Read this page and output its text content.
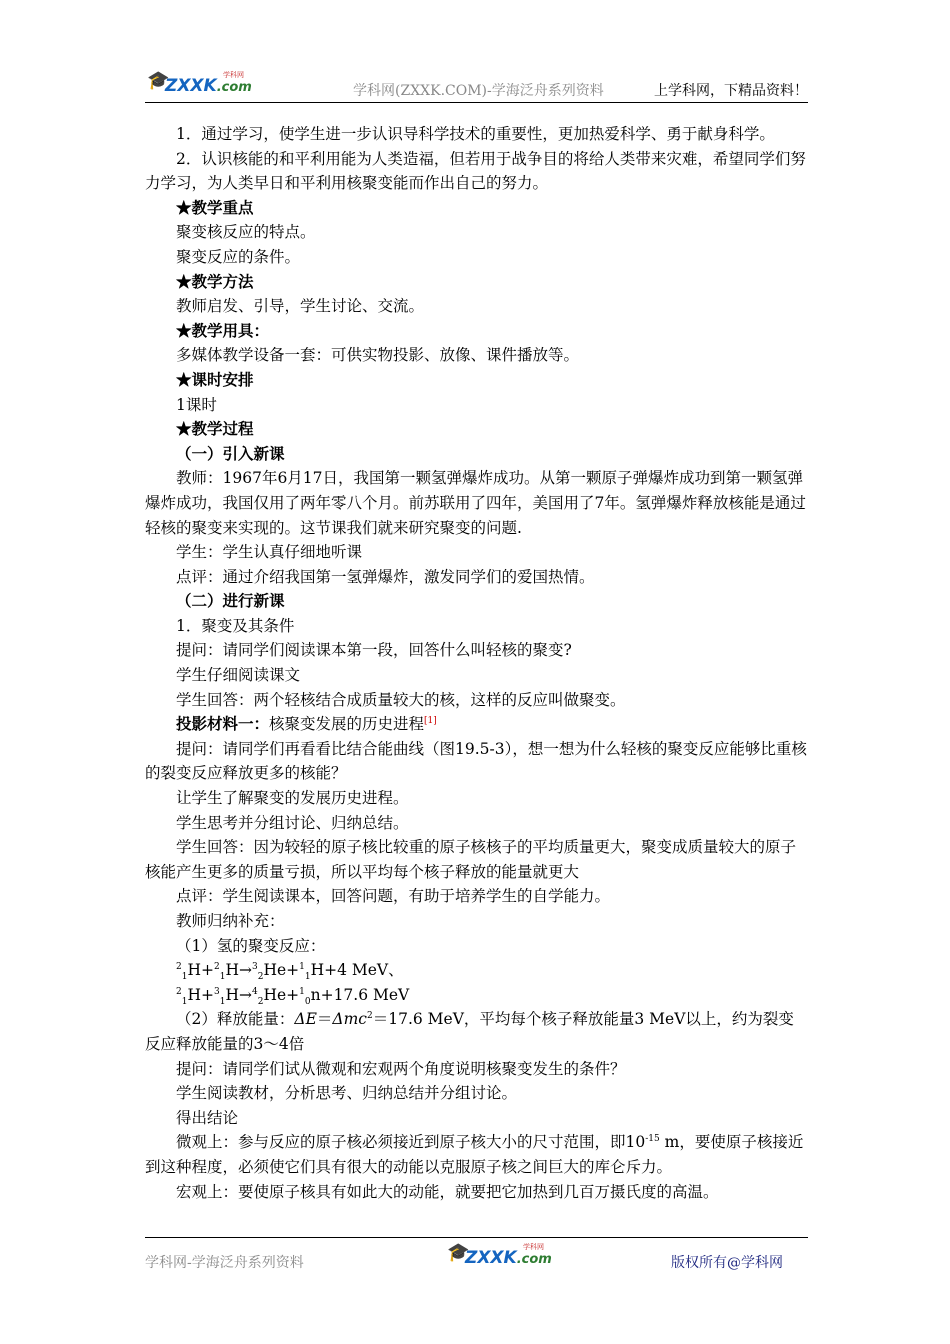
🎓
ZXXK.com
学科网
学科网(ZXXK.COM)-学海泛舟系列资料	上学科网，下精品资料！

1．通过学习，使学生进一步认识导科学技术的重要性，更加热爱科学、勇于献身科学。

2．认识核能的和平利用能为人类造福，但若用于战争目的将给人类带来灾难，希望同学们努力学习，为人类早日和平利用核聚变能而作出自己的努力。

★教学重点

聚变核反应的特点。

聚变反应的条件。

★教学方法

教师启发、引导，学生讨论、交流。

★教学用具：

多媒体教学设备一套：可供实物投影、放像、课件播放等。

★课时安排

1课时

★教学过程

（一）引入新课

教师：1967年6月17日，我国第一颗氢弹爆炸成功。从第一颗原子弹爆炸成功到第一颗氢弹爆炸成功，我国仅用了两年零八个月。前苏联用了四年，美国用了7年。氢弹爆炸释放核能是通过轻核的聚变来实现的。这节课我们就来研究聚变的问题.

学生：学生认真仔细地听课

点评：通过介绍我国第一氢弹爆炸，激发同学们的爱国热情。

（二）进行新课

1．聚变及其条件

提问：请同学们阅读课本第一段，回答什么叫轻核的聚变?

学生仔细阅读课文

学生回答：两个轻核结合成质量较大的核，这样的反应叫做聚变。

投影材料一：核聚变发展的历史进程[1]

提问：请同学们再看看比结合能曲线（图19.5-3），想一想为什么轻核的聚变反应能够比重核的裂变反应释放更多的核能？

让学生了解聚变的发展历史进程。

学生思考并分组讨论、归纳总结。

学生回答：因为较轻的原子核比较重的原子核核子的平均质量更大，聚变成质量较大的原子核能产生更多的质量亏损，所以平均每个核子释放的能量就更大

点评：学生阅读课本，回答问题，有助于培养学生的自学能力。

教师归纳补充：

（1）氢的聚变反应：

$^2_1$H+$^2_1$H→$^3_2$He+$^1_1$H+4 MeV、

$^2_1$H+$^3_1$H→$^4_2$He+$^1_0$n+17.6 MeV

（2）释放能量：ΔE＝Δmc$^2$＝17.6 MeV，平均每个核子释放能量3 MeV以上，约为裂变反应释放能量的3～4倍

提问：请同学们试从微观和宏观两个角度说明核聚变发生的条件？

学生阅读教材，分析思考、归纳总结并分组讨论。

得出结论

微观上：参与反应的原子核必须接近到原子核大小的尺寸范围，即$10^{-15}$ m，要使原子核接近到这种程度，必须使它们具有很大的动能以克服原子核之间巨大的库仑斥力。

宏观上：要使原子核具有如此大的动能，就要把它加热到几百万摄氏度的高温。

学科网-学海泛舟系列资料	🎓
ZXXK.com
学科网
版权所有@学科网
